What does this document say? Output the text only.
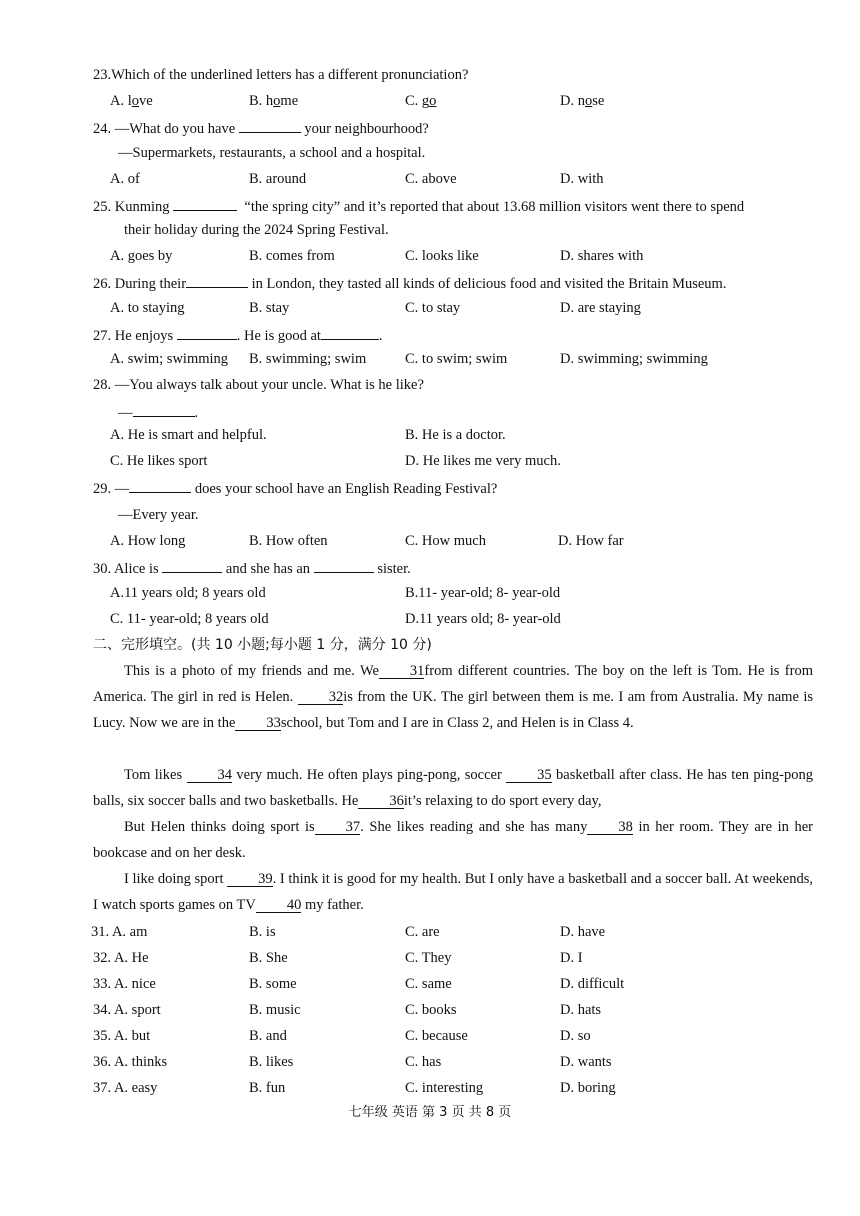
23.Which of the underlined letters has a different pronunciation?
A. love	B. home	C. go	D. nose
24. —What do you have	your neighbourhood?
—Supermarkets, restaurants, a school and a hospital.
A. of	B. around	C. above	D. with
25. Kunming	“the spring city” and it’s reported that about 13.68 million visitors went there to spend
their holiday during the 2024 Spring Festival.
A. goes by	B. comes from	C. looks like	D. shares with
26. During their	in London, they tasted all kinds of delicious food and visited the Britain Museum.
A. to staying	B. stay	C. to stay	D. are staying
27. He enjoys	. He is good at	.
A. swim; swimming B. swimming; swim	C. to swim; swim	D. swimming; swimming
28. —You always talk about your uncle. What is he like?
—	.
A. He is smart and helpful.	B. He is a doctor.
C. He likes sport	D. He likes me very much.
29. —	does your school have an English Reading Festival?
—Every year.
A. How long	B. How often	C. How much	D. How far
30. Alice is	and she has an	sister.
A.11 years old; 8 years old	B.11- year-old; 8- year-old
C. 11- year-old; 8 years old	D.11 years old; 8- year-old
二、完形填空。(共 10 小题;每小题 1 分，满分 10 分)
This is a photo of my friends and me. We 31from different countries. The boy on the left is Tom. He is from America. The girl in red is Helen. 32is from the UK. The girl between them is me. I am from Australia. My name is Lucy. Now we are in the 33school, but Tom and I are in Class 2, and Helen is in Class 4.
Tom likes 34 very much. He often plays ping-pong, soccer 35 basketball after class. He has ten ping-pong balls, six soccer balls and two basketballs. He 36it’s relaxing to do sport every day,
But Helen thinks doing sport is 37. She likes reading and she has many 38 in her room. They are in her bookcase and on her desk.
I like doing sport 39. I think it is good for my health. But I only have a basketball and a soccer ball. At weekends, I watch sports games on TV 40 my father.
31. A. am	B. is	C. are	D. have
32. A. He	B. She	C. They	D. I
33. A. nice	B. some	C. same	D. difficult
34. A. sport	B. music	C. books	D. hats
35. A. but	B. and	C. because	D. so
36. A. thinks	B. likes	C. has	D. wants
37. A. easy	B. fun	C. interesting	D. boring
七年级 英语 第 3 页 共 8 页
